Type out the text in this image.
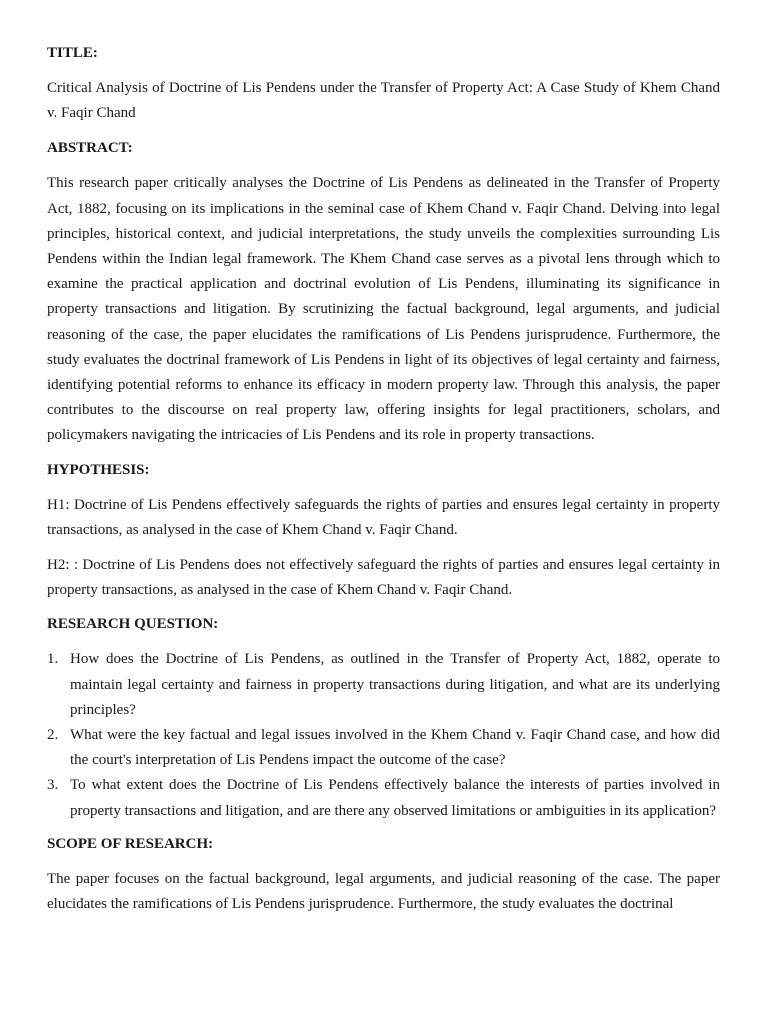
TITLE:

Critical Analysis of Doctrine of Lis Pendens under the Transfer of Property Act: A Case Study of Khem Chand v. Faqir Chand

ABSTRACT:

This research paper critically analyses the Doctrine of Lis Pendens as delineated in the Transfer of Property Act, 1882, focusing on its implications in the seminal case of Khem Chand v. Faqir Chand. Delving into legal principles, historical context, and judicial interpretations, the study unveils the complexities surrounding Lis Pendens within the Indian legal framework. The Khem Chand case serves as a pivotal lens through which to examine the practical application and doctrinal evolution of Lis Pendens, illuminating its significance in property transactions and litigation. By scrutinizing the factual background, legal arguments, and judicial reasoning of the case, the paper elucidates the ramifications of Lis Pendens jurisprudence. Furthermore, the study evaluates the doctrinal framework of Lis Pendens in light of its objectives of legal certainty and fairness, identifying potential reforms to enhance its efficacy in modern property law. Through this analysis, the paper contributes to the discourse on real property law, offering insights for legal practitioners, scholars, and policymakers navigating the intricacies of Lis Pendens and its role in property transactions.

HYPOTHESIS:

H1: Doctrine of Lis Pendens effectively safeguards the rights of parties and ensures legal certainty in property transactions, as analysed in the case of Khem Chand v. Faqir Chand.

H2: : Doctrine of Lis Pendens does not effectively safeguard the rights of parties and ensures legal certainty in property transactions, as analysed in the case of Khem Chand v. Faqir Chand.

RESEARCH QUESTION:
1. How does the Doctrine of Lis Pendens, as outlined in the Transfer of Property Act, 1882, operate to maintain legal certainty and fairness in property transactions during litigation, and what are its underlying principles?
2. What were the key factual and legal issues involved in the Khem Chand v. Faqir Chand case, and how did the court's interpretation of Lis Pendens impact the outcome of the case?
3. To what extent does the Doctrine of Lis Pendens effectively balance the interests of parties involved in property transactions and litigation, and are there any observed limitations or ambiguities in its application?
SCOPE OF RESEARCH:

The paper focuses on the factual background, legal arguments, and judicial reasoning of the case. The paper elucidates the ramifications of Lis Pendens jurisprudence. Furthermore, the study evaluates the doctrinal
